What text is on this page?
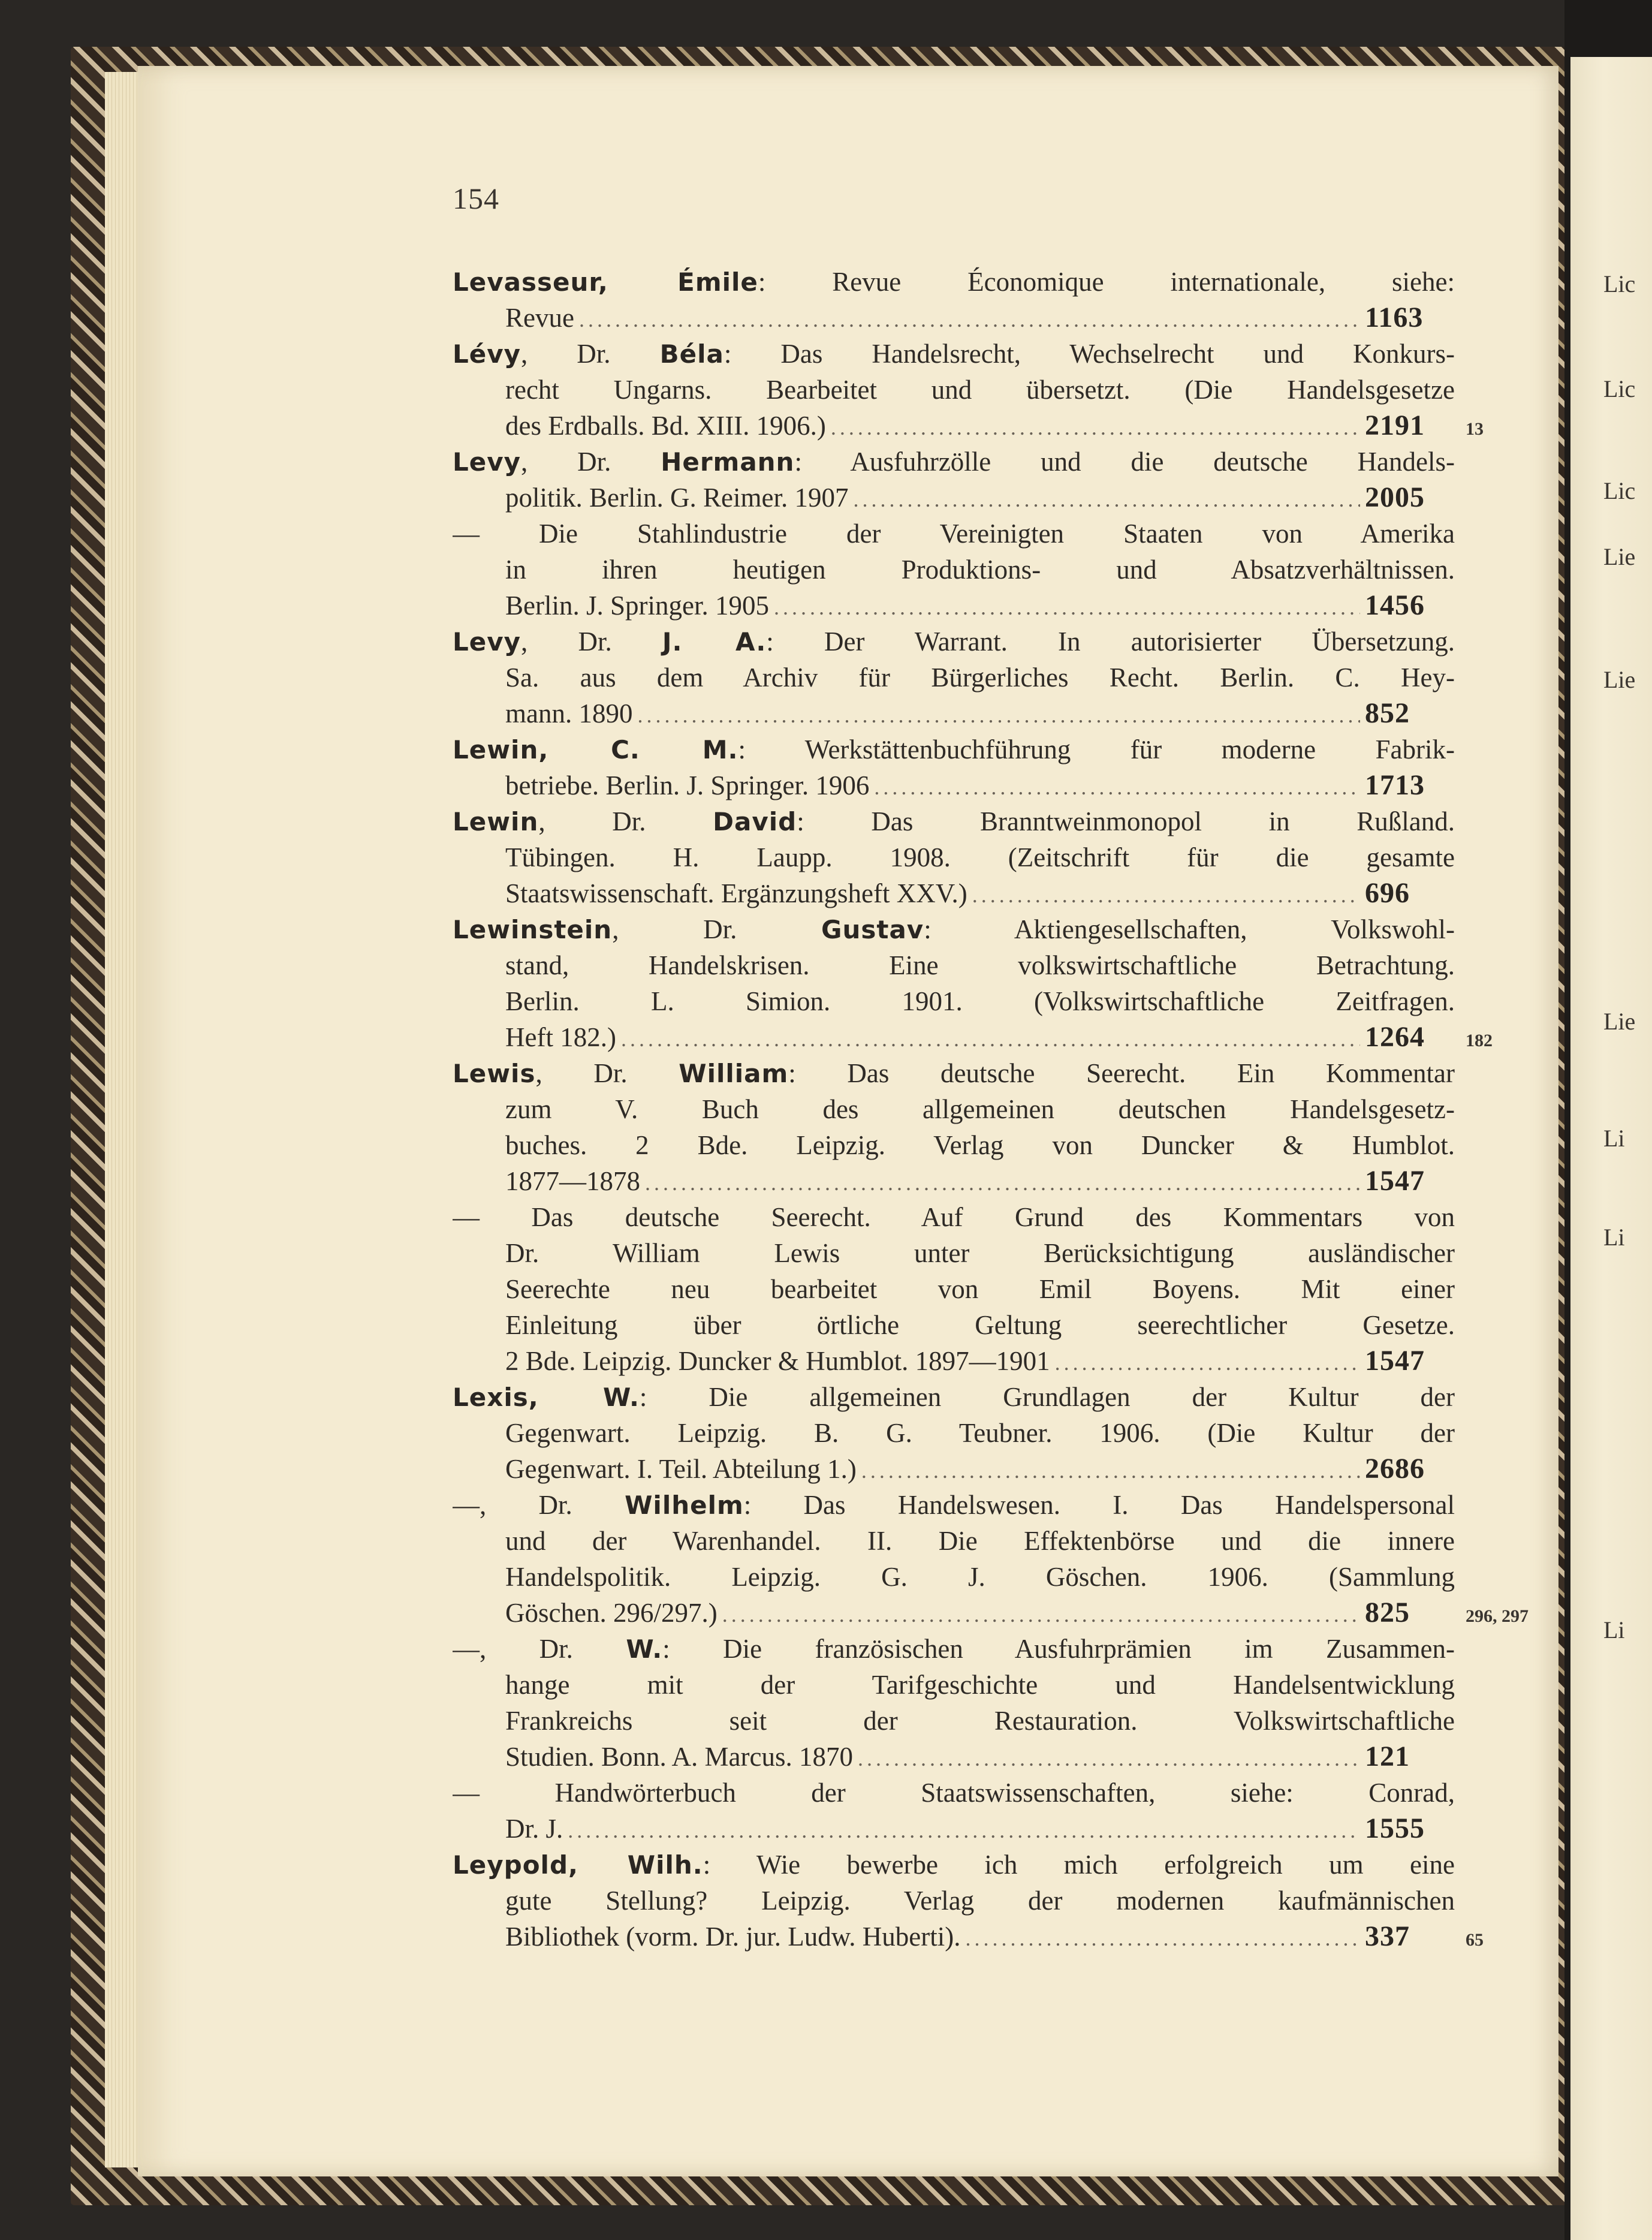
154
Lic
Lic
Lic
Lie
Lie
Lie
Li
Li
Li
Levasseur, Émile: Revue Économique internationale, siehe:
Revue .....	1163
Lévy, Dr. Béla: Das Handelsrecht, Wechselrecht und Konkurs-
recht Ungarns. Bearbeitet und übersetzt. (Die Handelsgesetze
des Erdballs. Bd. XIII. 1906.) .....	2191	13
Levy, Dr. Hermann: Ausfuhrzölle und die deutsche Handels-
politik. Berlin. G. Reimer. 1907 .....	2005
— Die Stahlindustrie der Vereinigten Staaten von Amerika
in ihren heutigen Produktions- und Absatzverhältnissen.
Berlin. J. Springer. 1905 .....	1456
Levy, Dr. J. A.: Der Warrant. In autorisierter Übersetzung.
Sa. aus dem Archiv für Bürgerliches Recht. Berlin. C. Hey-
mann. 1890 .....	852
Lewin, C. M.: Werkstättenbuchführung für moderne Fabrik-
betriebe. Berlin. J. Springer. 1906 .....	1713
Lewin, Dr. David: Das Branntweinmonopol in Rußland.
Tübingen. H. Laupp. 1908. (Zeitschrift für die gesamte
Staatswissenschaft. Ergänzungsheft XXV.) .....	696
Lewinstein, Dr. Gustav: Aktiengesellschaften, Volkswohl-
stand, Handelskrisen. Eine volkswirtschaftliche Betrachtung.
Berlin. L. Simion. 1901. (Volkswirtschaftliche Zeitfragen.
Heft 182.) .....	1264	182
Lewis, Dr. William: Das deutsche Seerecht. Ein Kommentar
zum V. Buch des allgemeinen deutschen Handelsgesetz-
buches. 2 Bde. Leipzig. Verlag von Duncker & Humblot.
1877—1878 .....	1547
— Das deutsche Seerecht. Auf Grund des Kommentars von
Dr. William Lewis unter Berücksichtigung ausländischer
Seerechte neu bearbeitet von Emil Boyens. Mit einer
Einleitung über örtliche Geltung seerechtlicher Gesetze.
2 Bde. Leipzig. Duncker & Humblot. 1897—1901 .....	1547
Lexis, W.: Die allgemeinen Grundlagen der Kultur der
Gegenwart. Leipzig. B. G. Teubner. 1906. (Die Kultur der
Gegenwart. I. Teil. Abteilung 1.) .....	2686
—, Dr. Wilhelm: Das Handelswesen. I. Das Handelspersonal
und der Warenhandel. II. Die Effektenbörse und die innere
Handelspolitik. Leipzig. G. J. Göschen. 1906. (Sammlung
Göschen. 296/297.) .....	825	296, 297
—, Dr. W.: Die französischen Ausfuhrprämien im Zusammen-
hange mit der Tarifgeschichte und Handelsentwicklung
Frankreichs seit der Restauration. Volkswirtschaftliche
Studien. Bonn. A. Marcus. 1870 .....	121
— Handwörterbuch der Staatswissenschaften, siehe: Conrad,
Dr. J. .....	1555
Leypold, Wilh.: Wie bewerbe ich mich erfolgreich um eine
gute Stellung? Leipzig. Verlag der modernen kaufmännischen
Bibliothek (vorm. Dr. jur. Ludw. Huberti). .....	337	65
